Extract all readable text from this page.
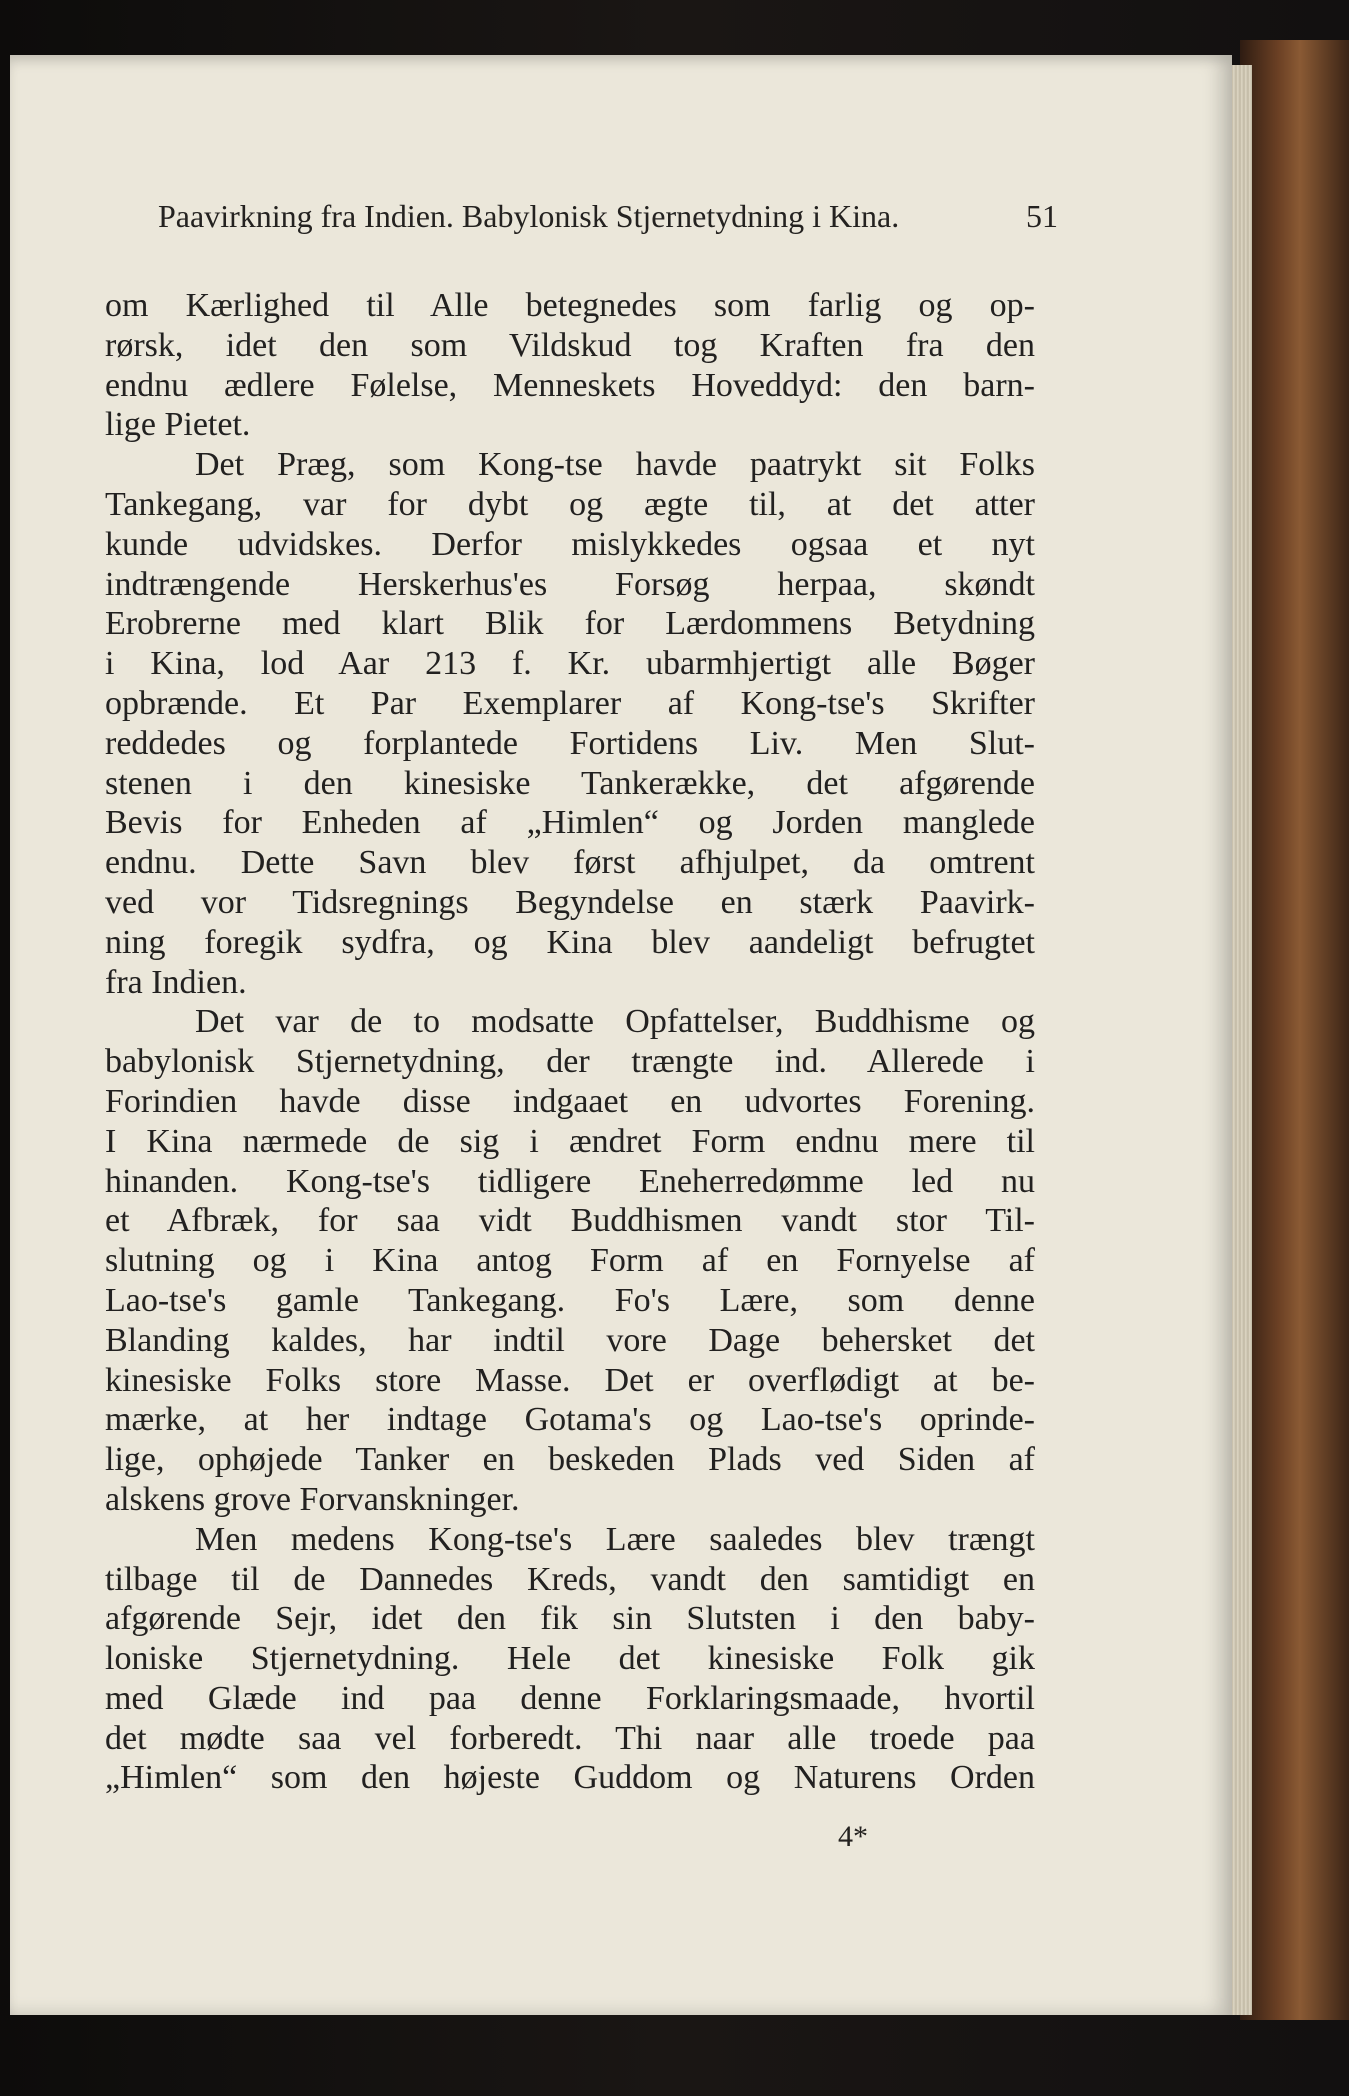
Paavirkning fra Indien. Babylonisk Stjernetydning i Kina.	51
om Kærlighed til Alle betegnedes som farlig og op-
rørsk, idet den som Vildskud tog Kraften fra den
endnu ædlere Følelse, Menneskets Hoveddyd: den barn-
lige Pietet.
Det Præg, som Kong-tse havde paatrykt sit Folks
Tankegang, var for dybt og ægte til, at det atter
kunde udvidskes. Derfor mislykkedes ogsaa et nyt
indtrængende Herskerhus'es Forsøg herpaa, skøndt
Erobrerne med klart Blik for Lærdommens Betydning
i Kina, lod Aar 213 f. Kr. ubarmhjertigt alle Bøger
opbrænde. Et Par Exemplarer af Kong-tse's Skrifter
reddedes og forplantede Fortidens Liv. Men Slut-
stenen i den kinesiske Tankerække, det afgørende
Bevis for Enheden af „Himlen“ og Jorden manglede
endnu. Dette Savn blev først afhjulpet, da omtrent
ved vor Tidsregnings Begyndelse en stærk Paavirk-
ning foregik sydfra, og Kina blev aandeligt befrugtet
fra Indien.
Det var de to modsatte Opfattelser, Buddhisme og
babylonisk Stjernetydning, der trængte ind. Allerede i
Forindien havde disse indgaaet en udvortes Forening.
I Kina nærmede de sig i ændret Form endnu mere til
hinanden. Kong-tse's tidligere Eneherredømme led nu
et Afbræk, for saa vidt Buddhismen vandt stor Til-
slutning og i Kina antog Form af en Fornyelse af
Lao-tse's gamle Tankegang. Fo's Lære, som denne
Blanding kaldes, har indtil vore Dage behersket det
kinesiske Folks store Masse. Det er overflødigt at be-
mærke, at her indtage Gotama's og Lao-tse's oprinde-
lige, ophøjede Tanker en beskeden Plads ved Siden af
alskens grove Forvanskninger.
Men medens Kong-tse's Lære saaledes blev trængt
tilbage til de Dannedes Kreds, vandt den samtidigt en
afgørende Sejr, idet den fik sin Slutsten i den baby-
loniske Stjernetydning. Hele det kinesiske Folk gik
med Glæde ind paa denne Forklaringsmaade, hvortil
det mødte saa vel forberedt. Thi naar alle troede paa
„Himlen“ som den højeste Guddom og Naturens Orden
4*
